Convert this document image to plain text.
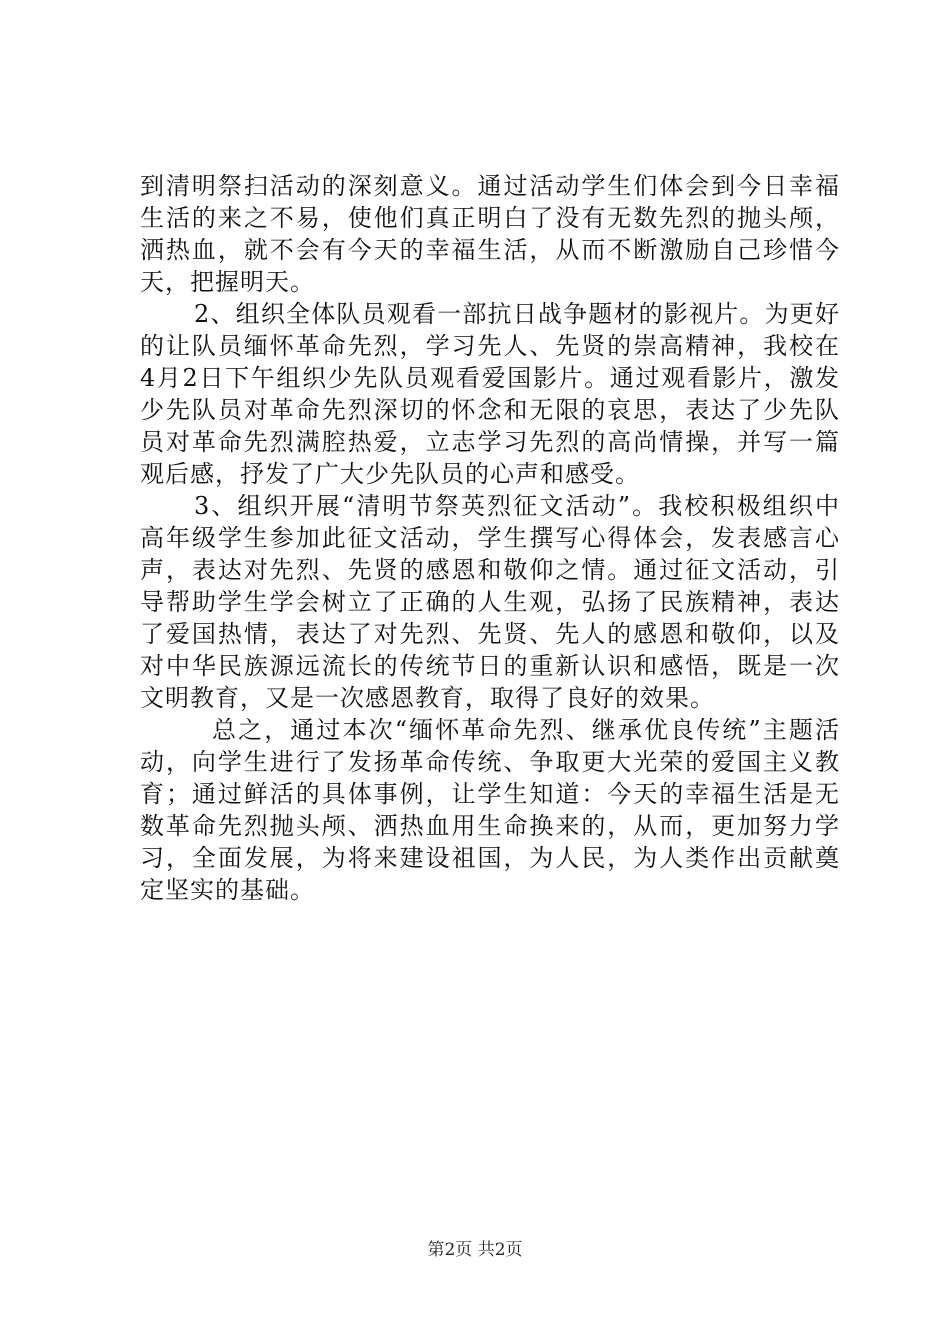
到清明祭扫活动的深刻意义。通过活动学生们体会到今日幸福
生活的来之不易，使他们真正明白了没有无数先烈的抛头颅，
洒热血，就不会有今天的幸福生活，从而不断激励自己珍惜今
天，把握明天。
2、组织全体队员观看一部抗日战争题材的影视片。为更好
的让队员缅怀革命先烈，学习先人、先贤的崇高精神，我校在
4月2日下午组织少先队员观看爱国影片。通过观看影片，激发
少先队员对革命先烈深切的怀念和无限的哀思，表达了少先队
员对革命先烈满腔热爱，立志学习先烈的高尚情操，并写一篇
观后感，抒发了广大少先队员的心声和感受。
3、组织开展“清明节祭英烈征文活动”。我校积极组织中
高年级学生参加此征文活动，学生撰写心得体会，发表感言心
声，表达对先烈、先贤的感恩和敬仰之情。通过征文活动，引
导帮助学生学会树立了正确的人生观，弘扬了民族精神，表达
了爱国热情，表达了对先烈、先贤、先人的感恩和敬仰，以及
对中华民族源远流长的传统节日的重新认识和感悟，既是一次
文明教育，又是一次感恩教育，取得了良好的效果。
总之，通过本次“缅怀革命先烈、继承优良传统”主题活
动，向学生进行了发扬革命传统、争取更大光荣的爱国主义教
育；通过鲜活的具体事例，让学生知道：今天的幸福生活是无
数革命先烈抛头颅、洒热血用生命换来的，从而，更加努力学
习，全面发展，为将来建设祖国，为人民，为人类作出贡献奠
定坚实的基础。
第2页 共2页
